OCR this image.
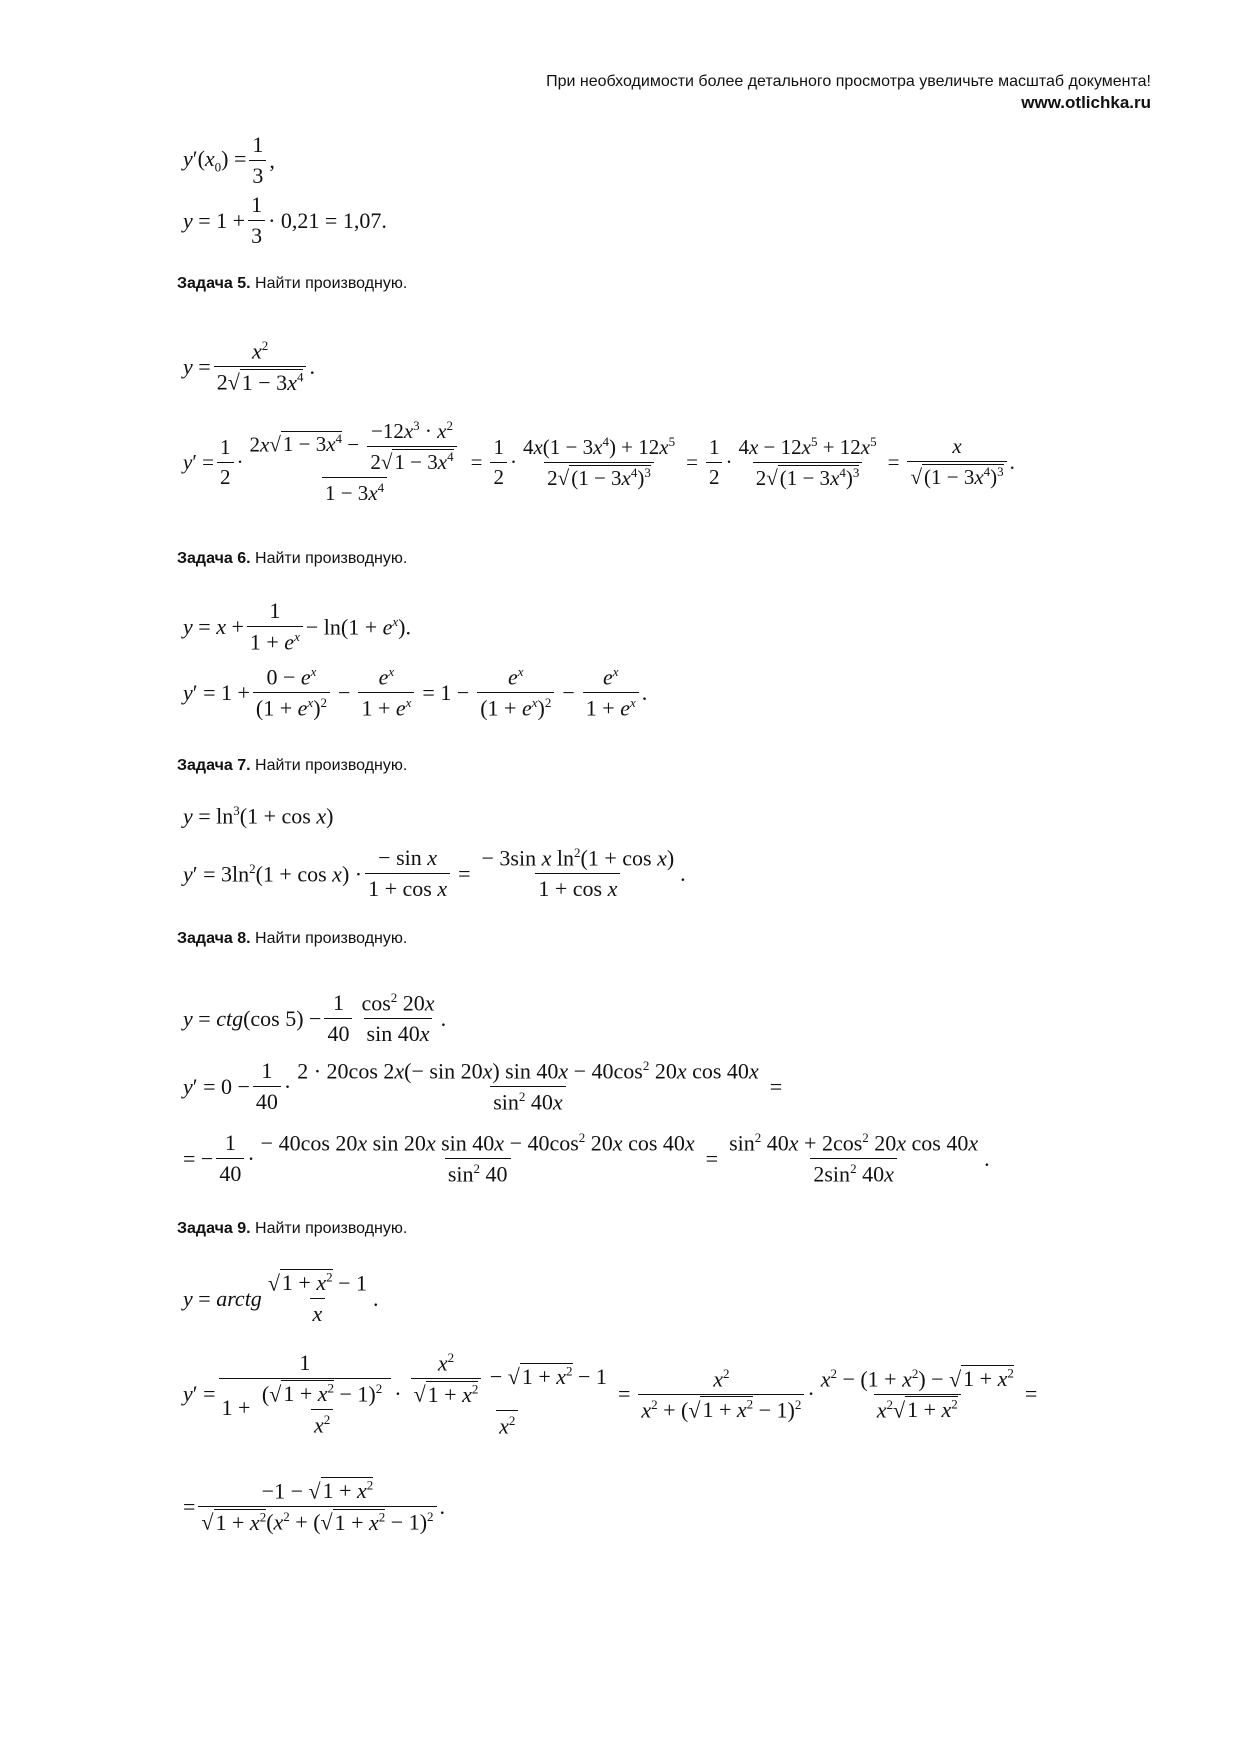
При необходимости более детального просмотра увеличьте масштаб документа!
www.otlichka.ru
$y'(x_0) = \frac{1}{3}$ ,
$y = 1 + \frac{1}{3} \cdot 0,21 = 1,07$.
Задача 5. Найти производную.
$y = \frac{x^2}{2√1 - 3x^4}$ .
$y' = \frac{1}{2} \cdot \frac{2x√1 - 3x^4 - \frac{-12x^3 \cdot x^2}{2√1 - 3x^4}}{1 - 3x^4} = \frac{1}{2} \cdot \frac{4x(1 - 3x^4) + 12x^5}{2√(1 - 3x^4)^3} = \frac{1}{2} \cdot \frac{4x - 12x^5 + 12x^5}{2√(1 - 3x^4)^3} = \frac{x}{√(1 - 3x^4)^3}$ .
Задача 6. Найти производную.
$y = x + \frac{1}{1 + e^x} - \ln(1 + e^x)$.
$y' = 1 + \frac{0 - e^x}{(1 + e^x)^2} - \frac{e^x}{1 + e^x} = 1 - \frac{e^x}{(1 + e^x)^2} - \frac{e^x}{1 + e^x}$ .
Задача 7. Найти производную.
$y = \ln^3(1 + \cos x)$
$y' = 3\ln^2(1 + \cos x) \cdot \frac{\text{− sin x}}{\text{1 + cos x}} = \frac{- 3\sin x \ln^2(1 + \cos x)}{\text{1 + cos x}}$ .
Задача 8. Найти производную.
y = ctg(cos $5) - \frac{1}{40} \cos^2 20x$
sin 40x
.
$y' = 0 - \frac{1}{40} \cdot \frac{2 \cdot 20\cos 2x(- \sin 20x) \sin 40x - 40\cos^2 20x \cos 40x}{\sin^2 40x}$ =
= − $\frac{1}{40} \cdot \frac{- 40\cos 20x \sin 20x \sin 40x - 40\cos^2 20x \cos 40x}{\sin^2 40} = \frac{\sin^2 40x + 2\cos^2 20x \cos 40x}{2\sin^2 40x}$ .
Задача 9. Найти производную.
y = arctg
$√1 + x^2 - 1$
x
.
$y' = \frac{1}{1 + \frac{(√1 + x^2 - 1)^2}{x^2}} \cdot \frac{\frac{x^2}{√1 + x^2} - √1 + x^2 - 1}{x^2} = \frac{x^2}{x^2 + (√1 + x^2 - 1)^2} \cdot \frac{x^2 - (1 + x^2) - √1 + x^2}{x^2√1 + x^2}$ =
= $\frac{-1 - √1 + x^2}{√1 + x^2(x^2 + (√1 + x^2 - 1)^2}$ .
